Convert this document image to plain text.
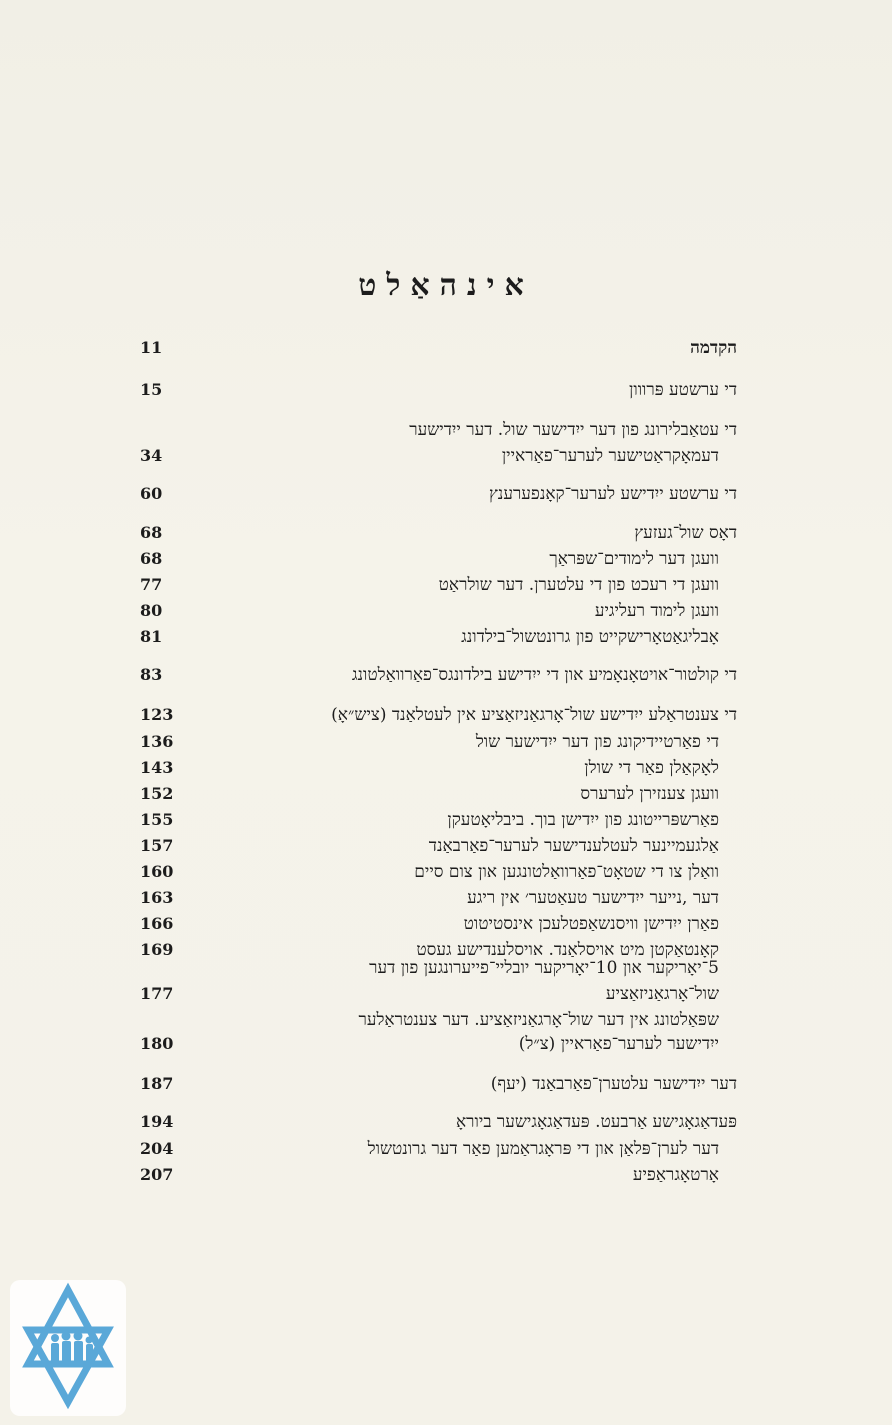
אינהאַלט
11	הקדמה
15	די ערשטע פּרווון
די עטאַבלירונג פון דער ייִדישער שול. דער ייִדישער
34	דעמאָקראַטישער לערער־פאַראיין
60	די ערשטע ייִדישע לערער־קאָנפערענץ
68	דאָס שול־געזעץ
68	וועגן דער לימודים־שפּראַך
77	וועגן די רעכט פון די עלטערן. דער שולראַט
80	וועגן לימוד רעליגיע
81	אָבליגאַטאָרישקייט פון גרונטשול־בילדונג
83	די קולטור־אויטאָנאָמיע און די ייִדישע בילדונגס־פאַרוואַלטונג
123	די צענטראַלע ייִדישע שול־אָרגאַניזאַציע אין לעטלאַנד (ציש״אָ)
136	די פאַרטיידיקונג פון דער ייִדישער שול
143	לאָקאַלן פאַר די שולן
152	וועגן צענזירן לערערס
155	פאַרשפּרייטונג פון ייִדישן בוך. ביבליאָטעקן
157	אַלגעמיינער לעטלענדישער לערער־פאַרבאַנד
160	וואַלן צו די שטאָט־פאַרוואַלטונגען און צום סיים
163	דער ,נייער ייִדישער טעאַטער׳ אין ריגע
166	פאַרן ייִדישן וויסנשאַפטלעכן אינסטיטוט
169	קאָנטאַקטן מיט אויסלאַנד. אויסלענדישע געסט
5־יאָריקער און 10־יאָריקער יובליי־פייערונגען פון דער
177	שול־אָרגאַניזאַציע
שפּאַלטונג אין דער שול־אָרגאַניזאַציע. דער צענטראַלער
180	ייִדישער לערער־פאַראיין (צ״ל)
187	דער ייִדישער עלטערן־פאַרבאַנד (יעף)
194	פּעדאַגאָגישע אַרבעט. פּעדאַגאָגישער ביוראָ
204	דער לערן־פּלאַן און די פּראָגראַמען פאַר דער גרונטשול
207	אָרטאָגראַפיע
